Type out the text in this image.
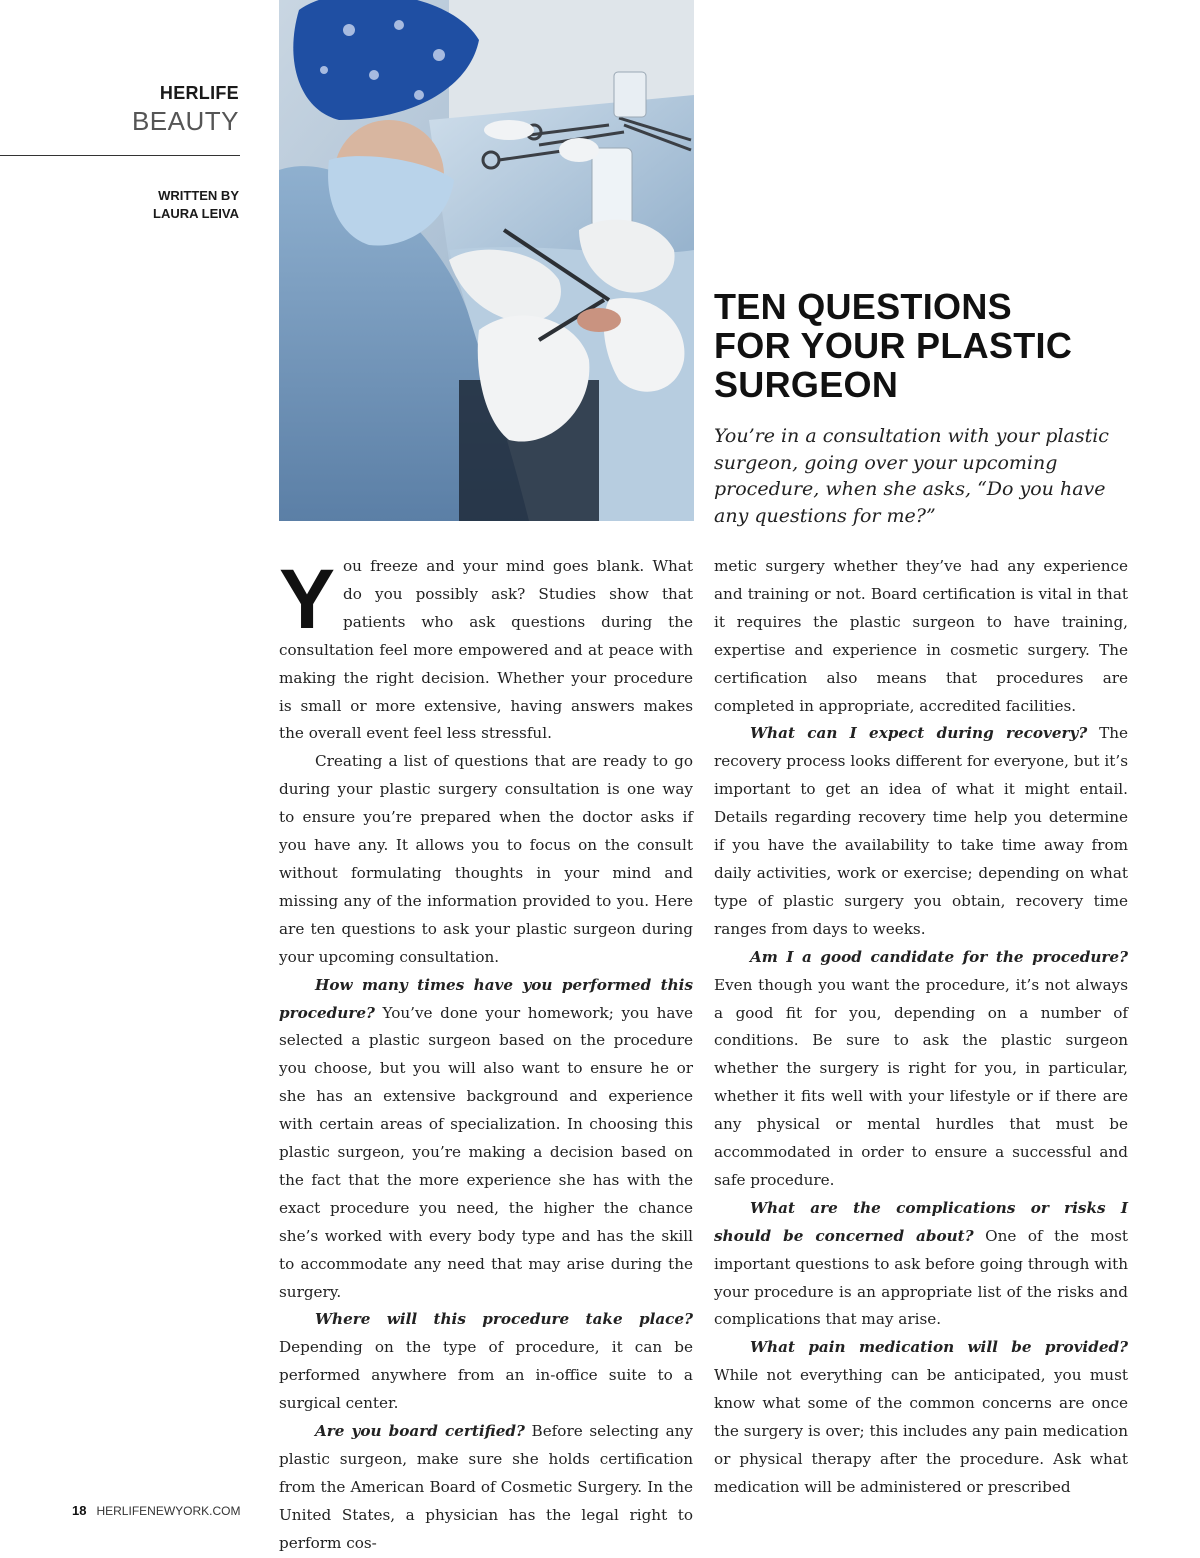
HERLIFE
BEAUTY
WRITTEN BY
LAURA LEIVA
TEN QUESTIONS
FOR YOUR PLASTIC
SURGEON

You’re in a consultation with your plastic surgeon, going over your upcoming procedure, when she asks, “Do you have any questions for me?”

You freeze and your mind goes blank. What do you possibly ask? Studies show that patients who ask questions during the consultation feel more empowered and at peace with making the right decision. Whether your procedure is small or more extensive, having answers makes the overall event feel less stressful.

Creating a list of questions that are ready to go during your plastic surgery consultation is one way to ensure you’re prepared when the doctor asks if you have any. It allows you to focus on the consult without formulating thoughts in your mind and missing any of the information provided to you. Here are ten questions to ask your plastic surgeon during your upcoming consultation.

How many times have you performed this procedure? You’ve done your homework; you have selected a plastic surgeon based on the procedure you choose, but you will also want to ensure he or she has an extensive background and experience with certain areas of specialization. In choosing this plastic surgeon, you’re making a decision based on the fact that the more experience she has with the exact procedure you need, the higher the chance she’s worked with every body type and has the skill to accommodate any need that may arise during the surgery.

Where will this procedure take place? Depending on the type of procedure, it can be performed anywhere from an in-office suite to a surgical center.

Are you board certified? Before selecting any plastic surgeon, make sure she holds certification from the American Board of Cosmetic Surgery. In the United States, a physician has the legal right to perform cos-

metic surgery whether they’ve had any experience and training or not. Board certification is vital in that it requires the plastic surgeon to have training, expertise and experience in cosmetic surgery. The certification also means that procedures are completed in appropriate, accredited facilities.

What can I expect during recovery? The recovery process looks different for everyone, but it’s important to get an idea of what it might entail. Details regarding recovery time help you determine if you have the availability to take time away from daily activities, work or exercise; depending on what type of plastic surgery you obtain, recovery time ranges from days to weeks.

Am I a good candidate for the procedure? Even though you want the procedure, it’s not always a good fit for you, depending on a number of conditions. Be sure to ask the plastic surgeon whether the surgery is right for you, in particular, whether it fits well with your lifestyle or if there are any physical or mental hurdles that must be accommodated in order to ensure a successful and safe procedure.

What are the complications or risks I should be concerned about? One of the most important questions to ask before going through with your procedure is an appropriate list of the risks and complications that may arise.

What pain medication will be provided? While not everything can be anticipated, you must know what some of the common concerns are once the surgery is over; this includes any pain medication or physical therapy after the procedure. Ask what medication will be administered or prescribed

18 HERLIFENEWYORK.COM
